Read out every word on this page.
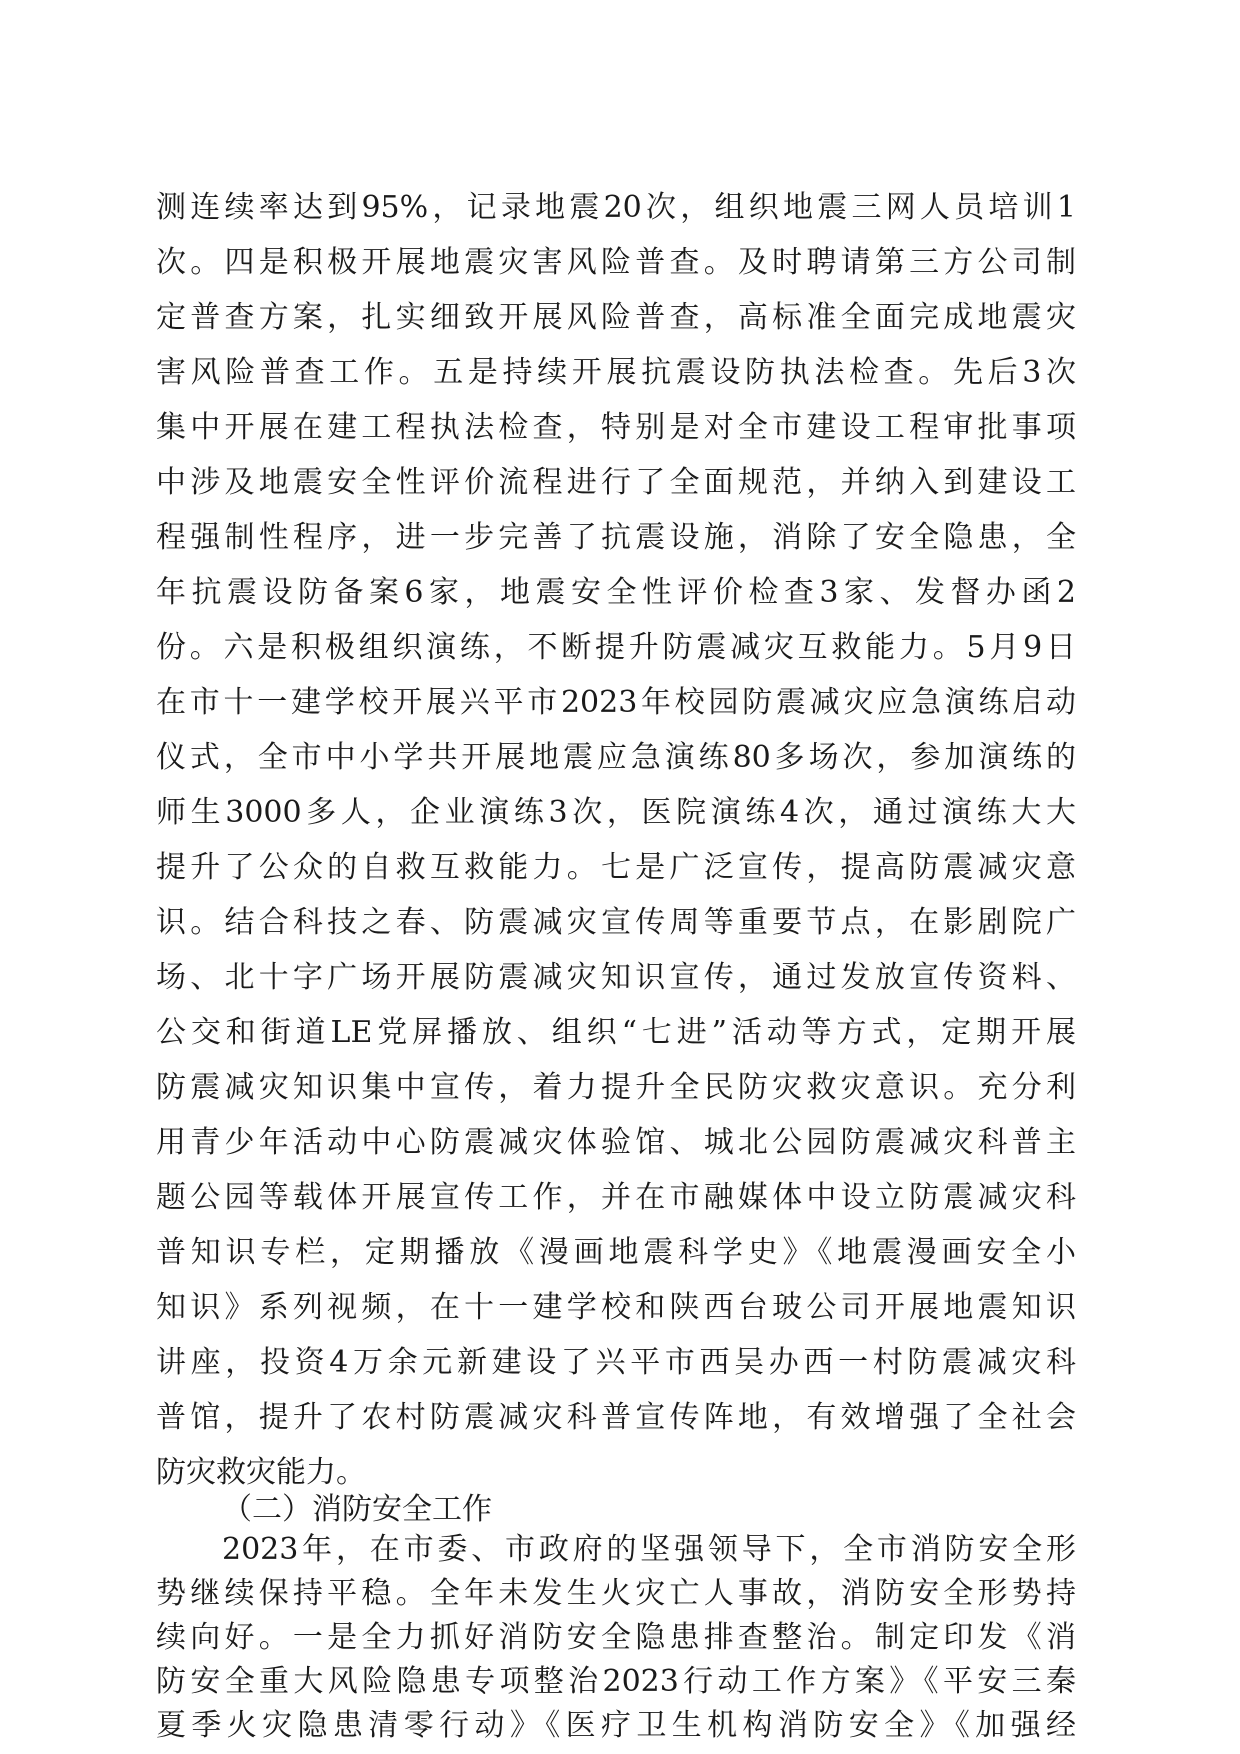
测连续率达到95%，记录地震20次，组织地震三网人员培训1

次。四是积极开展地震灾害风险普查。及时聘请第三方公司制

定普查方案，扎实细致开展风险普查，高标准全面完成地震灾

害风险普查工作。五是持续开展抗震设防执法检查。先后3次

集中开展在建工程执法检查，特别是对全市建设工程审批事项

中涉及地震安全性评价流程进行了全面规范，并纳入到建设工

程强制性程序，进一步完善了抗震设施，消除了安全隐患，全

年抗震设防备案6家，地震安全性评价检查3家、发督办函2

份。六是积极组织演练，不断提升防震减灾互救能力。5月9日

在市十一建学校开展兴平市2023年校园防震减灾应急演练启动

仪式，全市中小学共开展地震应急演练80多场次，参加演练的

师生3000多人，企业演练3次，医院演练4次，通过演练大大

提升了公众的自救互救能力。七是广泛宣传，提高防震减灾意

识。结合科技之春、防震减灾宣传周等重要节点，在影剧院广

场、北十字广场开展防震减灾知识宣传，通过发放宣传资料、

公交和街道LE党屏播放、组织“七进”活动等方式，定期开展

防震减灾知识集中宣传，着力提升全民防灾救灾意识。充分利

用青少年活动中心防震减灾体验馆、城北公园防震减灾科普主

题公园等载体开展宣传工作，并在市融媒体中设立防震减灾科

普知识专栏，定期播放《漫画地震科学史》《地震漫画安全小

知识》系列视频，在十一建学校和陕西台玻公司开展地震知识

讲座，投资4万余元新建设了兴平市西吴办西一村防震减灾科

普馆，提升了农村防震减灾科普宣传阵地，有效增强了全社会

防灾救灾能力。

（二）消防安全工作

2023年，在市委、市政府的坚强领导下，全市消防安全形

势继续保持平稳。全年未发生火灾亡人事故，消防安全形势持

续向好。一是全力抓好消防安全隐患排查整治。制定印发《消

防安全重大风险隐患专项整治2023行动工作方案》《平安三秦

夏季火灾隐患清零行动》《医疗卫生机构消防安全》《加强经
